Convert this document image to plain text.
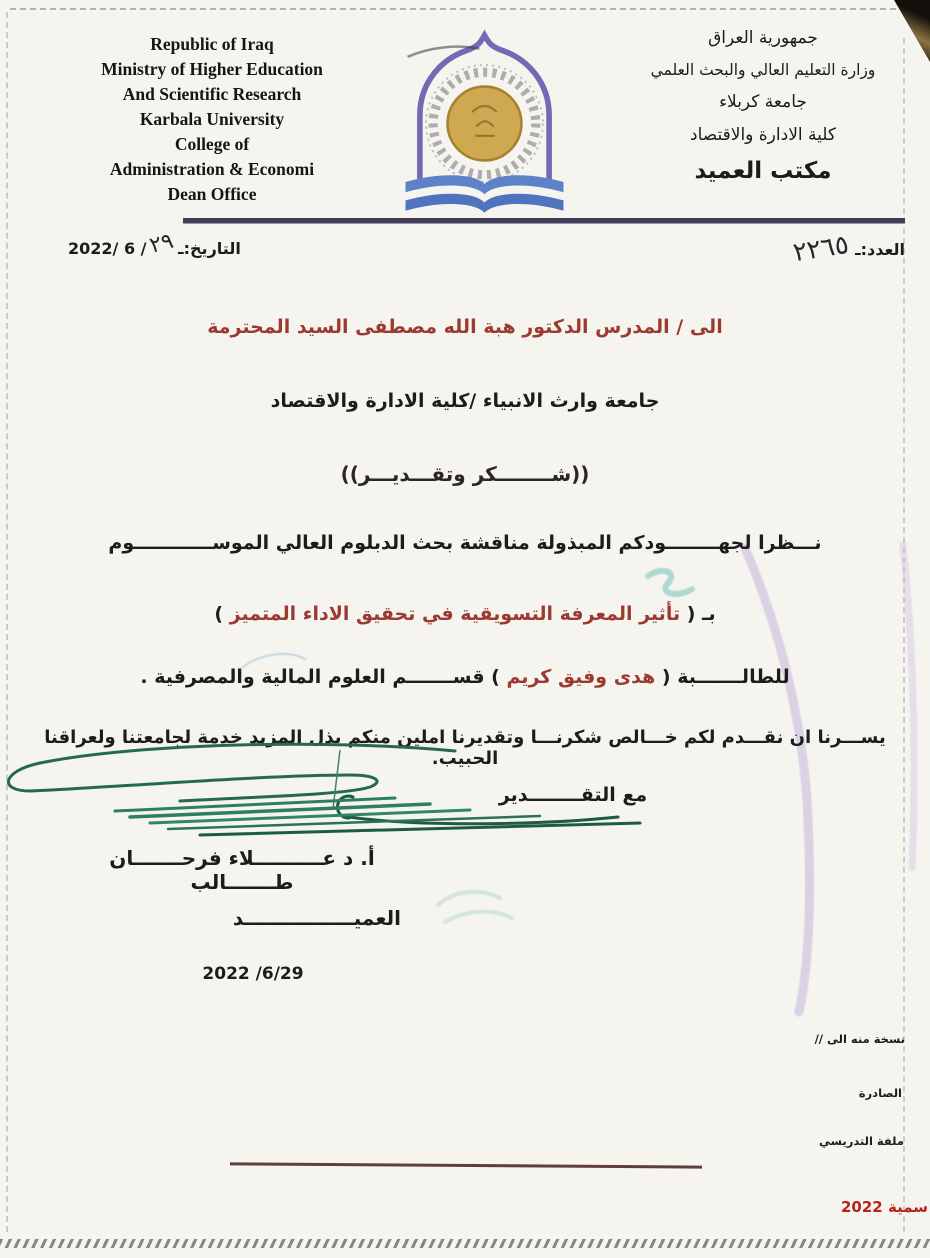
Republic of Iraq
Ministry of Higher Education
And Scientific Research
Karbala University
College of
Administration & Economi
Dean Office
جمهورية العراق
وزارة التعليم العالي والبحث العلمي
جامعة كربلاء
كلية الادارة والاقتصاد
مكتب العميد
العدد:ـ
٢٢٦٥
التاريخ:ـ
٢٩
/ 6 /2022
الى / المدرس الدكتور هبة الله مصطفى السيد المحترمة
جامعة وارث الانبياء /كلية الادارة والاقتصاد
((شــــــــكر وتقـــديـــر))
نـــظرا لجهــــــــودكم المبذولة مناقشة بحث الدبلوم العالي الموســــــــــــوم
بـ ( تأثير المعرفة التسويقية في تحقيق الاداء المتميز )
للطالـــــــبة ( هدى وفيق كريم ) قســـــــم العلوم المالية والمصرفية .
يســـرنا ان نقـــدم لكم خـــالص شكرنـــا وتقديرنا املين منكم بذل المزيد خدمة لجامعتنا ولعراقنا الحبيب.
مع التقــــــــدير
أ. د عــــــــــلاء فرحـــــــان طـــــــالب
العميــــــــــــــــد
2022 /6/29
نسخة منه الى //
الصادرة
ملفة التدريسي
سمية 2022
